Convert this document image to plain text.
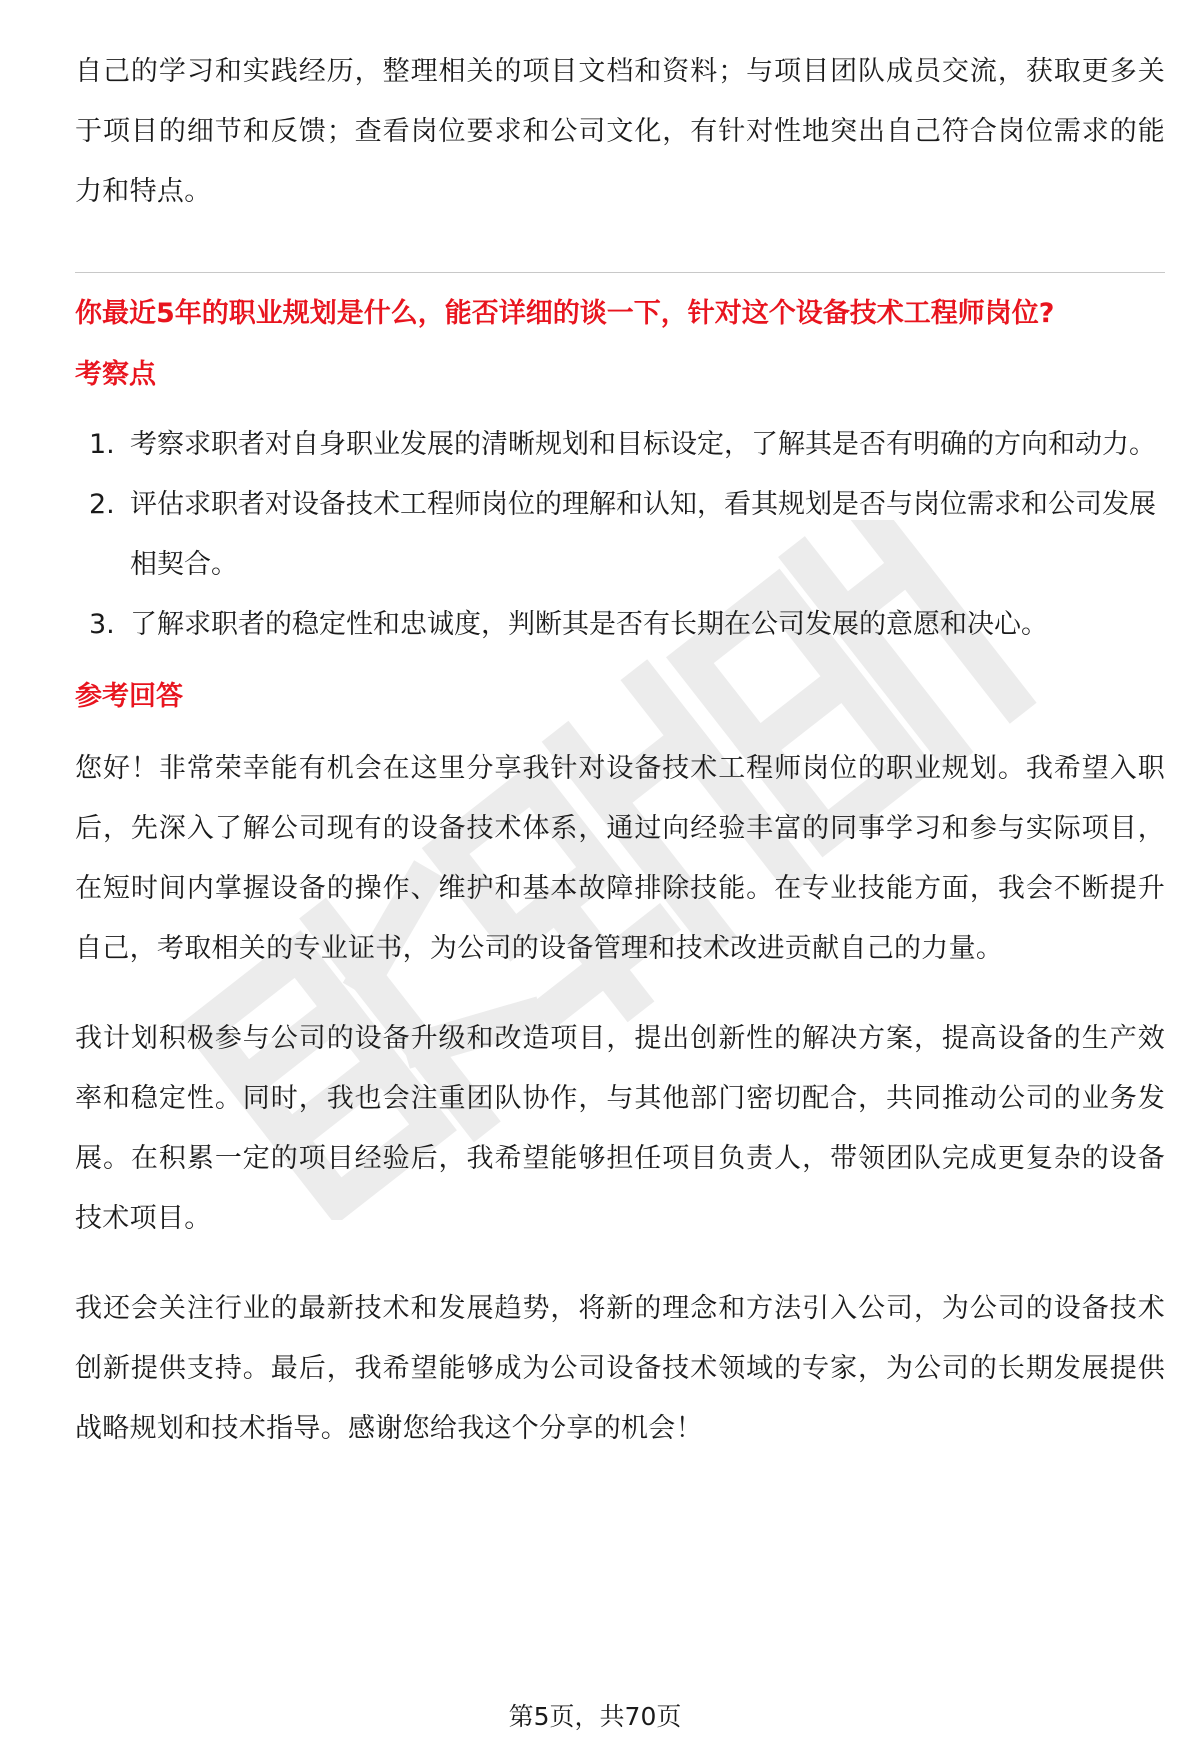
自己的学习和实践经历，整理相关的项目文档和资料；与项目团队成员交流，获取更多关于项目的细节和反馈；查看岗位要求和公司文化，有针对性地突出自己符合岗位需求的能力和特点。

你最近5年的职业规划是什么，能否详细的谈一下，针对这个设备技术工程师岗位?

考察点

1. 考察求职者对自身职业发展的清晰规划和目标设定，了解其是否有明确的方向和动力。
2. 评估求职者对设备技术工程师岗位的理解和认知，看其规划是否与岗位需求和公司发展相契合。
3. 了解求职者的稳定性和忠诚度，判断其是否有长期在公司发展的意愿和决心。

参考回答

您好！非常荣幸能有机会在这里分享我针对设备技术工程师岗位的职业规划。我希望入职后，先深入了解公司现有的设备技术体系，通过向经验丰富的同事学习和参与实际项目，在短时间内掌握设备的操作、维护和基本故障排除技能。在专业技能方面，我会不断提升自己，考取相关的专业证书，为公司的设备管理和技术改进贡献自己的力量。

我计划积极参与公司的设备升级和改造项目，提出创新性的解决方案，提高设备的生产效率和稳定性。同时，我也会注重团队协作，与其他部门密切配合，共同推动公司的业务发展。在积累一定的项目经验后，我希望能够担任项目负责人，带领团队完成更复杂的设备技术项目。

我还会关注行业的最新技术和发展趋势，将新的理念和方法引入公司，为公司的设备技术创新提供支持。最后，我希望能够成为公司设备技术领域的专家，为公司的长期发展提供战略规划和技术指导。感谢您给我这个分享的机会！

第5页，共70页
